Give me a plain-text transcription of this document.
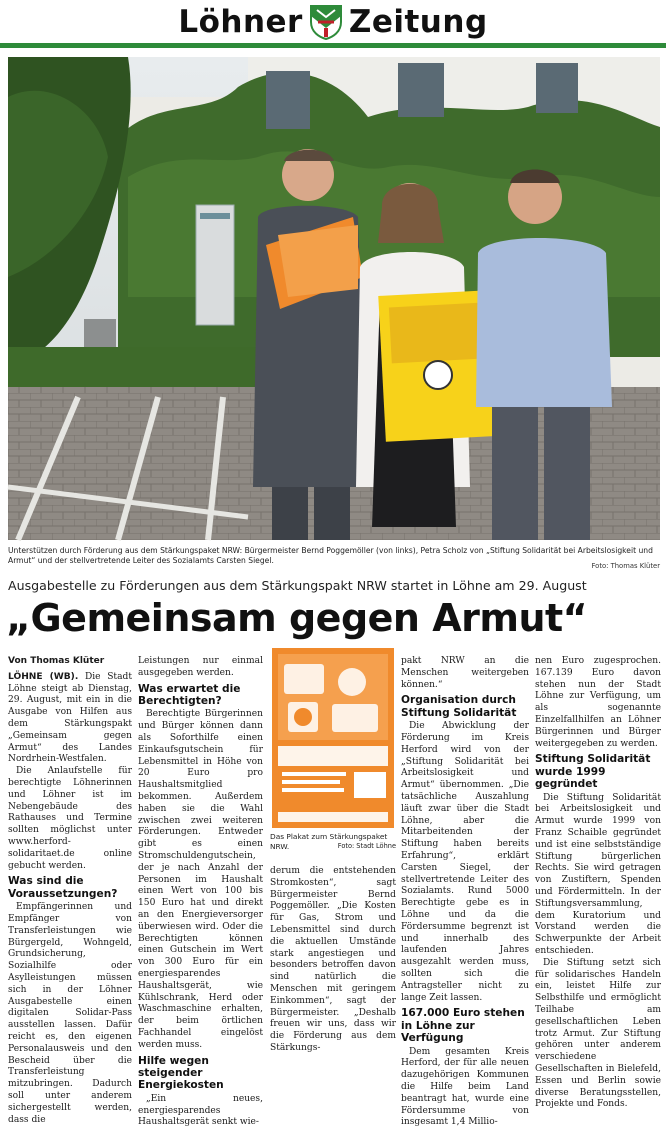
Löhner Zeitung
Unterstützen durch Förderung aus dem Stärkungspaket NRW: Bürgermeister Bernd Poggemöller (von links), Petra Scholz von „Stiftung Solidarität bei Arbeitslosigkeit und Armut“ und der stellvertretende Leiter des Sozialamts Carsten Siegel.
Foto: Thomas Klüter
Ausgabestelle zu Förderungen aus dem Stärkungspakt NRW startet in Löhne am 29. August
„Gemeinsam gegen Armut“

Von Thomas Klüter

LÖHNE (WB). Die Stadt Löhne steigt ab Dienstag, 29. August, mit ein in die Ausgabe von Hilfen aus dem Stärkungspakt „Gemeinsam gegen Armut“ des Landes Nordrhein-Westfalen.

Die Anlaufstelle für berechtigte Löhnerinnen und Löhner ist im Nebengebäude des Rathauses und Termine sollten möglichst unter www.herford-solidaritaet.de online gebucht werden.

Was sind die Voraussetzungen?

Empfängerinnen und Empfänger von Transferleistungen wie Bürgergeld, Wohngeld, Grundsicherung, Sozialhilfe oder Asylleistungen müssen sich in der Löhner Ausgabestelle einen digitalen Solidar-Pass ausstellen lassen. Dafür reicht es, den eigenen Personalausweis und den Bescheid über die Transferleistung mitzubringen. Dadurch soll unter anderem sichergestellt werden, dass die

Leistungen nur einmal ausgegeben werden.

Was erwartet die Berechtigten?

Berechtigte Bürgerinnen und Bürger können dann als Soforthilfe einen Einkaufsgutschein für Lebensmittel in Höhe von 20 Euro pro Haushaltsmitglied bekommen. Außerdem haben sie die Wahl zwischen zwei weiteren Förderungen. Entweder gibt es einen Stromschuldengutschein, der je nach Anzahl der Personen im Haushalt einen Wert von 100 bis 150 Euro hat und direkt an den Energieversorger überwiesen wird. Oder die Berechtigten können einen Gutschein im Wert von 300 Euro für ein energiesparendes Haushaltsgerät, wie Kühlschrank, Herd oder Waschmaschine erhalten, der beim örtlichen Fachhandel eingelöst werden muss.

Hilfe wegen steigender Energiekosten

„Ein neues, energiesparendes Haushaltsgerät senkt wie-

Das Plakat zum Stärkungspaket NRW.	Foto: Stadt Löhne

derum die entstehenden Stromkosten“, sagt Bürgermeister Bernd Poggemöller. „Die Kosten für Gas, Strom und Lebensmittel sind durch die aktuellen Umstände stark angestiegen und besonders betroffen davon sind natürlich die Menschen mit geringem Einkommen“, sagt der Bürgermeister. „Deshalb freuen wir uns, dass wir die Förderung aus dem Stärkungs-

pakt NRW an die Menschen weitergeben können.“

Organisation durch Stiftung Solidarität

Die Abwicklung der Förderung im Kreis Herford wird von der „Stiftung Solidarität bei Arbeitslosigkeit und Armut“ übernommen. „Die tatsächliche Auszahlung läuft zwar über die Stadt Löhne, aber die Mitarbeitenden der Stiftung haben bereits Erfahrung“, erklärt Carsten Siegel, der stellvertretende Leiter des Sozialamts. Rund 5000 Berechtigte gebe es in Löhne und da die Fördersumme begrenzt ist und innerhalb des laufenden Jahres ausgezahlt werden muss, sollten sich die Antragsteller nicht zu lange Zeit lassen.

167.000 Euro stehen in Löhne zur Verfügung

Dem gesamten Kreis Herford, der für alle neuen dazugehörigen Kommunen die Hilfe beim Land beantragt hat, wurde eine Fördersumme von insgesamt 1,4 Millio-

nen Euro zugesprochen. 167.139 Euro davon stehen nun der Stadt Löhne zur Verfügung, um als sogenannte Einzelfallhilfen an Löhner Bürgerinnen und Bürger weitergegeben zu werden.

Stiftung Solidarität wurde 1999 gegründet

Die Stiftung Solidarität bei Arbeitslosigkeit und Armut wurde 1999 von Franz Schaible gegründet und ist eine selbstständige Stiftung bürgerlichen Rechts. Sie wird getragen von Zustiftern, Spenden und Fördermitteln. In der Stiftungsversammlung, dem Kuratorium und Vorstand werden die Schwerpunkte der Arbeit entschieden.

Die Stiftung setzt sich für solidarisches Handeln ein, leistet Hilfe zur Selbsthilfe und ermöglicht Teilhabe am gesellschaftlichen Leben trotz Armut. Zur Stiftung gehören unter anderem verschiedene Gesellschaften in Bielefeld, Essen und Berlin sowie diverse Beratungsstellen, Projekte und Fonds.
